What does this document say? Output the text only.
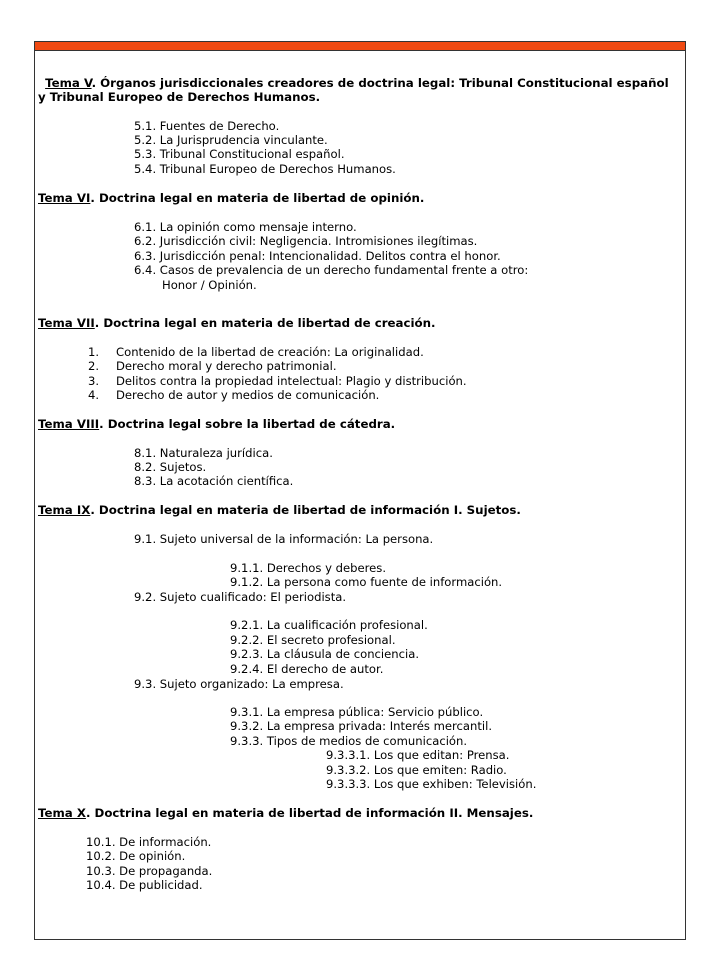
Tema V. Órganos jurisdiccionales creadores de doctrina legal: Tribunal Constitucional español
y Tribunal Europeo de Derechos Humanos.
5.1. Fuentes de Derecho.
5.2. La Jurisprudencia vinculante.
5.3. Tribunal Constitucional español.
5.4. Tribunal Europeo de Derechos Humanos.
Tema VI. Doctrina legal en materia de libertad de opinión.
6.1. La opinión como mensaje interno.
6.2. Jurisdicción civil: Negligencia. Intromisiones ilegítimas.
6.3. Jurisdicción penal: Intencionalidad. Delitos contra el honor.
6.4. Casos de prevalencia de un derecho fundamental frente a otro:
Honor / Opinión.
Tema VII. Doctrina legal en materia de libertad de creación.
1. Contenido de la libertad de creación: La originalidad.
2. Derecho moral y derecho patrimonial.
3. Delitos contra la propiedad intelectual: Plagio y distribución.
4. Derecho de autor y medios de comunicación.
Tema VIII. Doctrina legal sobre la libertad de cátedra.
8.1. Naturaleza jurídica.
8.2. Sujetos.
8.3. La acotación científica.
Tema IX. Doctrina legal en materia de libertad de información I. Sujetos.
9.1. Sujeto universal de la información: La persona.
9.1.1. Derechos y deberes.
9.1.2. La persona como fuente de información.
9.2. Sujeto cualificado: El periodista.
9.2.1. La cualificación profesional.
9.2.2. El secreto profesional.
9.2.3. La cláusula de conciencia.
9.2.4. El derecho de autor.
9.3. Sujeto organizado: La empresa.
9.3.1. La empresa pública: Servicio público.
9.3.2. La empresa privada: Interés mercantil.
9.3.3. Tipos de medios de comunicación.
9.3.3.1. Los que editan: Prensa.
9.3.3.2. Los que emiten: Radio.
9.3.3.3. Los que exhiben: Televisión.
Tema X. Doctrina legal en materia de libertad de información II. Mensajes.
10.1. De información.
10.2. De opinión.
10.3. De propaganda.
10.4. De publicidad.
